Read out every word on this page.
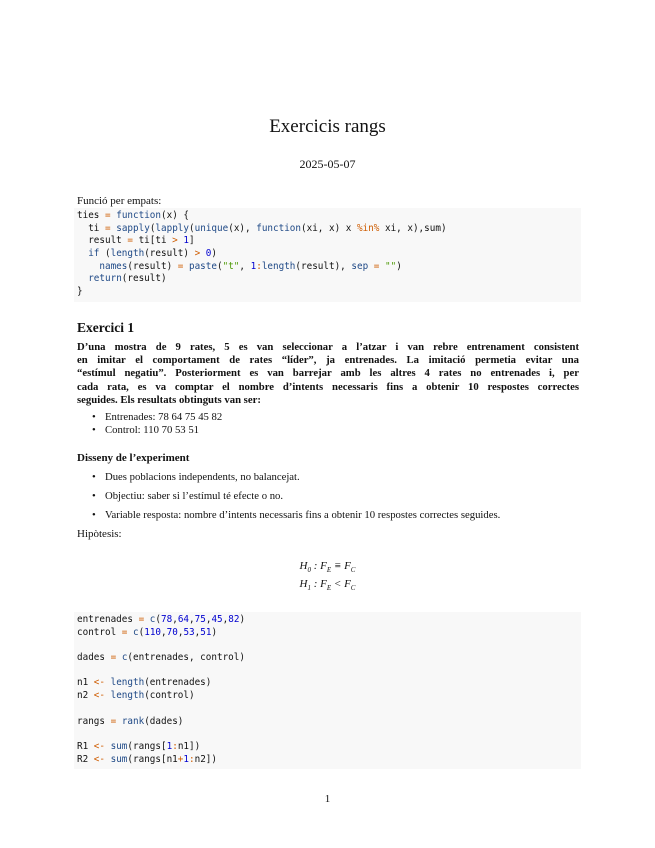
Exercicis rangs
2025-05-07
Funció per empats:
ties = function(x) {
ti = sapply(lapply(unique(x), function(xi, x) x %in% xi, x),sum)
result = ti[ti > 1]
if (length(result) > 0)
names(result) = paste("t", 1:length(result), sep = "")
return(result)
}
Exercici 1
D’una mostra de 9 rates, 5 es van seleccionar a l’atzar i van rebre entrenament consistent
en imitar el comportament de rates “líder”, ja entrenades. La imitació permetia evitar una
“estímul negatiu”. Posteriorment es van barrejar amb les altres 4 rates no entrenades i, per
cada rata, es va comptar el nombre d’intents necessaris fins a obtenir 10 respostes correctes
seguides. Els resultats obtinguts van ser:
• Entrenades: 78 64 75 45 82
• Control: 110 70 53 51
Disseny de l’experiment
• Dues poblacions independents, no balancejat.
• Objectiu: saber si l’estímul té efecte o no.
• Variable resposta: nombre d’intents necessaris fins a obtenir 10 respostes correctes seguides.
Hipòtesis:
$H_0$ : $F_E \equiv F_C$
$H_1$ : $F_E < F_C$
entrenades = c(78,64,75,45,82)
control = c(110,70,53,51)

dades = c(entrenades, control)

n1 <- length(entrenades)
n2 <- length(control)

rangs = rank(dades)

R1 <- sum(rangs[1:n1])
R2 <- sum(rangs[n1+1:n2])
1
